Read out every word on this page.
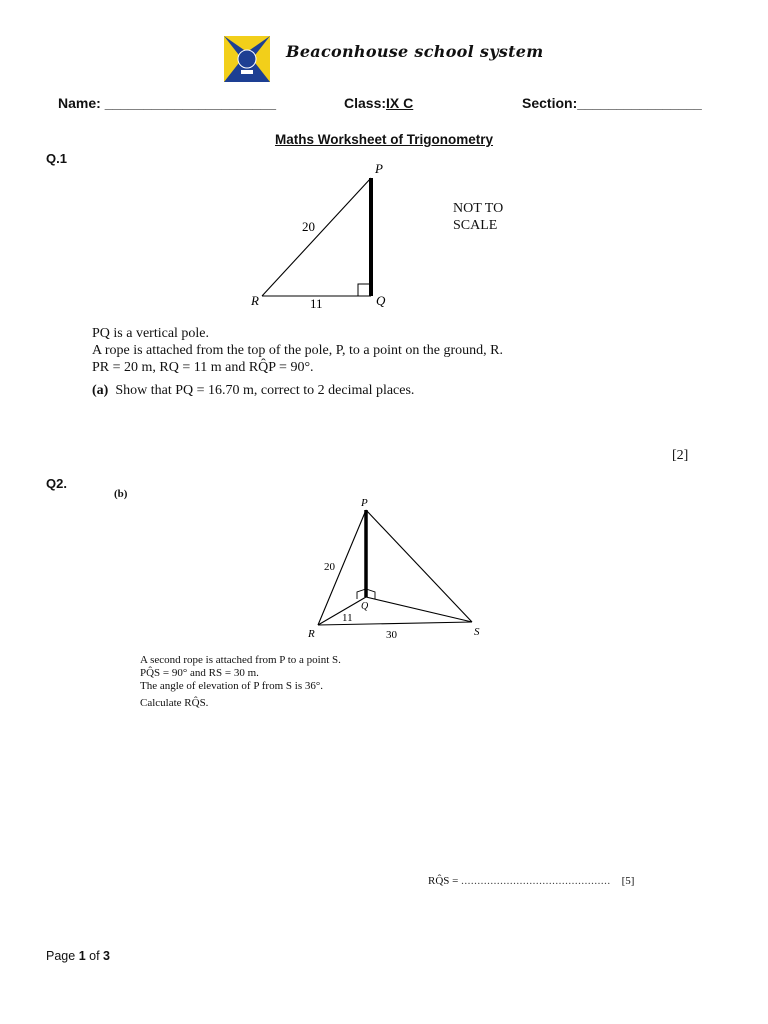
Beaconhouse school system
Name: ______________________	Class:IX C	Section:________________
Maths Worksheet of Trigonometry
Q.1
P
Q
R
20
11
NOT TO
SCALE
PQ is a vertical pole.
A rope is attached from the top of the pole, P, to a point on the ground, R.
PR = 20 m, RQ = 11 m and RQ̂P = 90°.
(a) Show that PQ = 16.70 m, correct to 2 decimal places.
[2]
Q2.
(b)
P
Q
R	S
20
11
30
A second rope is attached from P to a point S.
PQ̂S = 90° and RS = 30 m.
The angle of elevation of P from S is 36°.
Calculate RQ̂S.
RQ̂S = .............................................. [5]
Page 1 of 3
